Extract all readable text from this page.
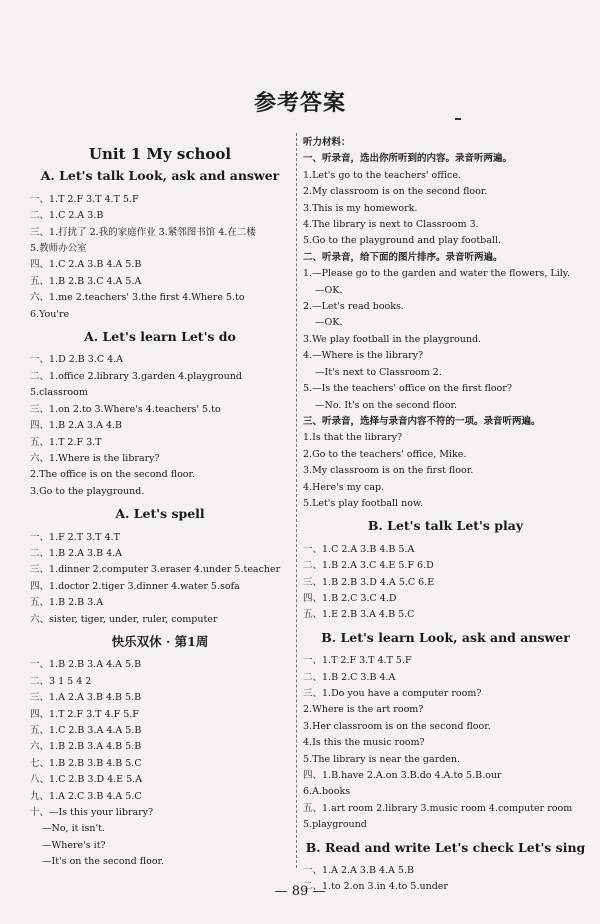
参考答案
Unit 1 My school
A. Let's talk Look, ask and answer
一、1.T 2.F 3.T 4.T 5.F
二、1.C 2.A 3.B
三、1.打扰了 2.我的家庭作业 3.紧邻图书馆 4.在二楼
5.教师办公室
四、1.C 2.A 3.B 4.A 5.B
五、1.B 2.B 3.C 4.A 5.A
六、1.me 2.teachers' 3.the first 4.Where 5.to
6.You're
A. Let's learn Let's do
一、1.D 2.B 3.C 4.A
二、1.office 2.library 3.garden 4.playground
5.classroom
三、1.on 2.to 3.Where's 4.teachers' 5.to
四、1.B 2.A 3.A 4.B
五、1.T 2.F 3.T
六、1.Where is the library?
2.The office is on the second floor.
3.Go to the playground.
A. Let's spell
一、1.F 2.T 3.T 4.T
二、1.B 2.A 3.B 4.A
三、1.dinner 2.computer 3.eraser 4.under 5.teacher
四、1.doctor 2.tiger 3.dinner 4.water 5.sofa
五、1.B 2.B 3.A
六、sister, tiger, under, ruler, computer
快乐双休 · 第1周
一、1.B 2.B 3.A 4.A 5.B
二、3 1 5 4 2
三、1.A 2.A 3.B 4.B 5.B
四、1.T 2.F 3.T 4.F 5.F
五、1.C 2.B 3.A 4.A 5.B
六、1.B 2.B 3.A 4.B 5.B
七、1.B 2.B 3.B 4.B 5.C
八、1.C 2.B 3.D 4.E 5.A
九、1.A 2.C 3.B 4.A 5.C
十、—Is this your library?
—No, it isn't.
—Where's it?
—It's on the second floor.
听力材料：
一、听录音，选出你所听到的内容。录音听两遍。
1.Let's go to the teachers' office.
2.My classroom is on the second floor.
3.This is my homework.
4.The library is next to Classroom 3.
5.Go to the playground and play football.
二、听录音，给下面的图片排序。录音听两遍。
1.—Please go to the garden and water the flowers, Lily.
—OK.
2.—Let's read books.
—OK.
3.We play football in the playground.
4.—Where is the library?
—It's next to Classroom 2.
5.—Is the teachers' office on the first floor?
—No. It's on the second floor.
三、听录音，选择与录音内容不符的一项。录音听两遍。
1.Is that the library?
2.Go to the teachers' office, Mike.
3.My classroom is on the first floor.
4.Here's my cap.
5.Let's play football now.
B. Let's talk Let's play
一、1.C 2.A 3.B 4.B 5.A
二、1.B 2.A 3.C 4.E 5.F 6.D
三、1.B 2.B 3.D 4.A 5.C 6.E
四、1.B 2.C 3.C 4.D
五、1.E 2.B 3.A 4.B 5.C
B. Let's learn Look, ask and answer
一、1.T 2.F 3.T 4.T 5.F
二、1.B 2.C 3.B 4.A
三、1.Do you have a computer room?
2.Where is the art room?
3.Her classroom is on the second floor.
4.Is this the music room?
5.The library is near the garden.
四、1.B.have 2.A.on 3.B.do 4.A.to 5.B.our
6.A.books
五、1.art room 2.library 3.music room 4.computer room
5.playground
B. Read and write Let's check Let's sing
一、1.A 2.A 3.B 4.A 5.B
二、1.to 2.on 3.in 4.to 5.under
— 89 —
